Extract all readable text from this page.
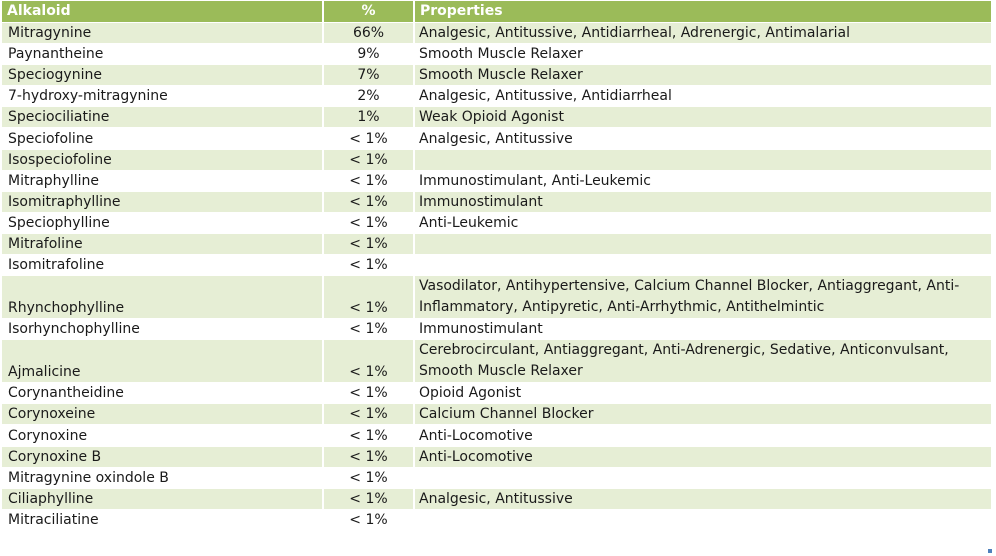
Alkaloid	%	Properties
Mitragynine	66%	Analgesic, Antitussive, Antidiarrheal, Adrenergic, Antimalarial
Paynantheine	9%	Smooth Muscle Relaxer
Speciogynine	7%	Smooth Muscle Relaxer
7-hydroxy-mitragynine	2%	Analgesic, Antitussive, Antidiarrheal
Speciociliatine	1%	Weak Opioid Agonist
Speciofoline	< 1%	Analgesic, Antitussive
Isospeciofoline	< 1%	
Mitraphylline	< 1%	Immunostimulant, Anti-Leukemic
Isomitraphylline	< 1%	Immunostimulant
Speciophylline	< 1%	Anti-Leukemic
Mitrafoline	< 1%	
Isomitrafoline	< 1%	
Rhynchophylline	< 1%	Vasodilator, Antihypertensive, Calcium Channel Blocker, Antiaggregant, Anti-Inflammatory, Antipyretic, Anti-Arrhythmic, Antithelmintic
Isorhynchophylline	< 1%	Immunostimulant
Ajmalicine	< 1%	Cerebrocirculant, Antiaggregant, Anti-Adrenergic, Sedative, Anticonvulsant, Smooth Muscle Relaxer
Corynantheidine	< 1%	Opioid Agonist
Corynoxeine	< 1%	Calcium Channel Blocker
Corynoxine	< 1%	Anti-Locomotive
Corynoxine B	< 1%	Anti-Locomotive
Mitragynine oxindole B	< 1%	
Ciliaphylline	< 1%	Analgesic, Antitussive
Mitraciliatine	< 1%	
